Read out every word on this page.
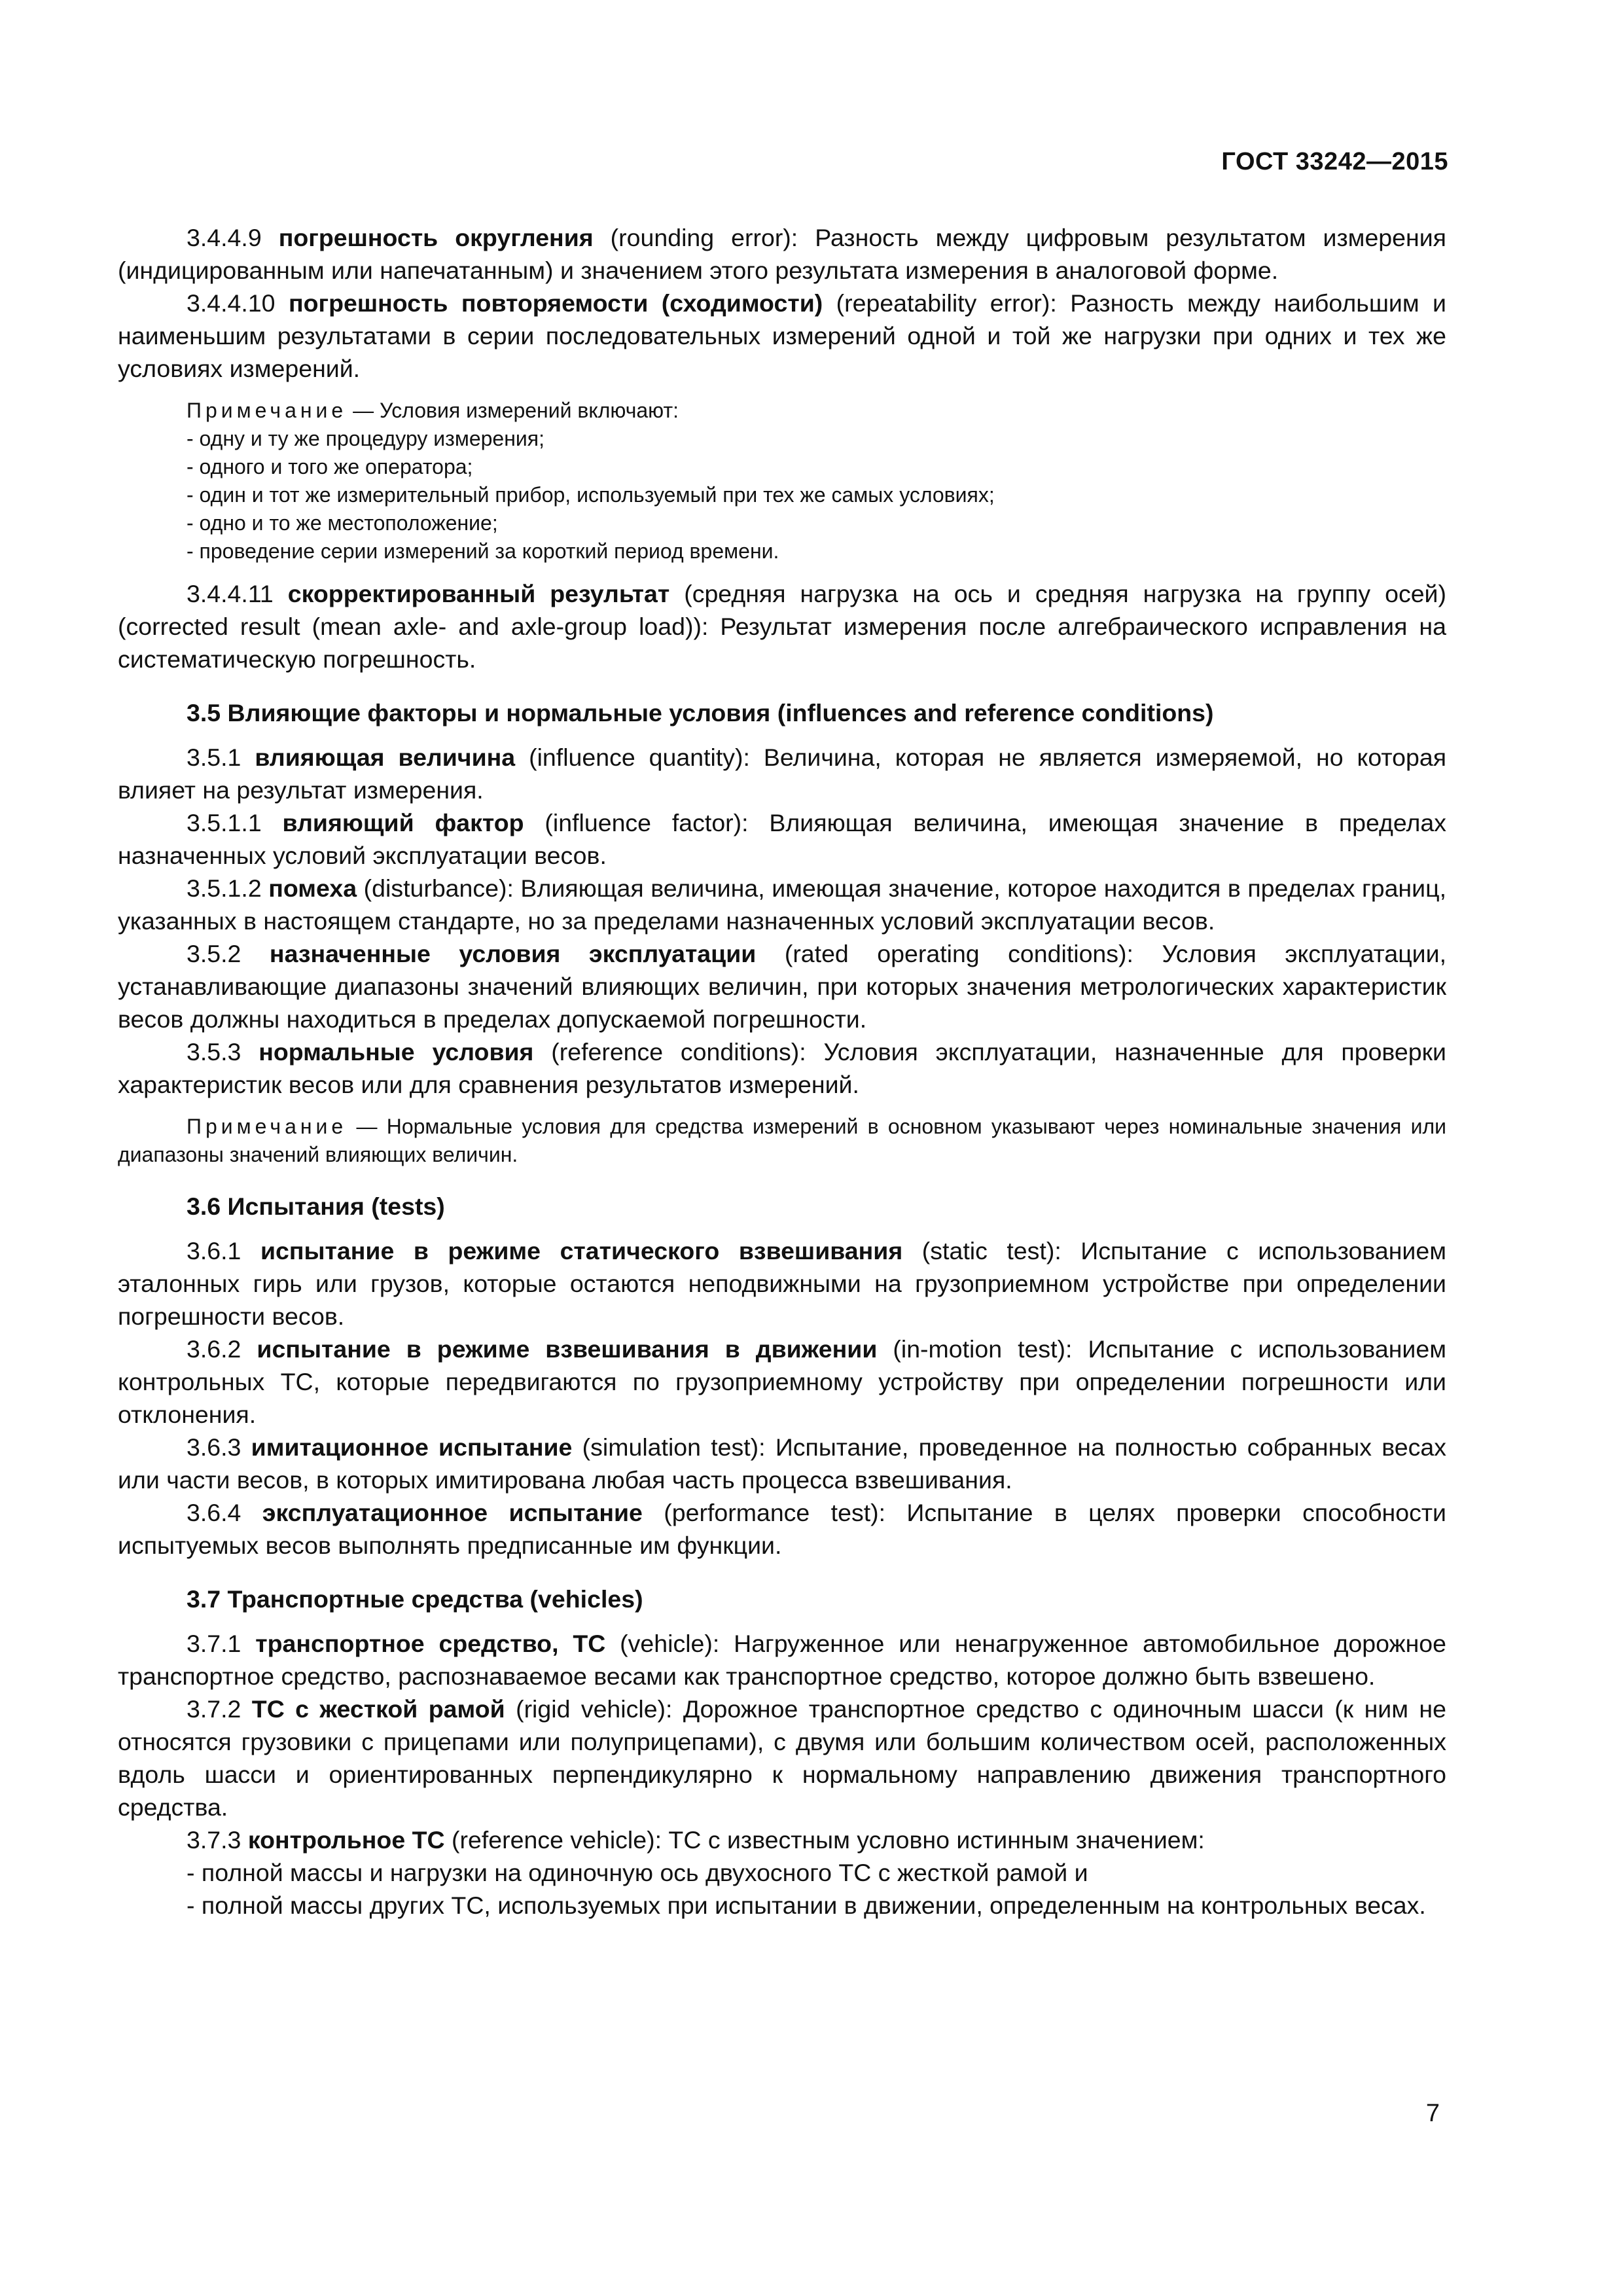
ГОСТ 33242—2015

3.4.4.9 погрешность округления (rounding error): Разность между цифровым результатом измерения (индицированным или напечатанным) и значением этого результата измерения в аналоговой форме.

3.4.4.10 погрешность повторяемости (сходимости) (repeatability error): Разность между наибольшим и наименьшим результатами в серии последовательных измерений одной и той же нагрузки при одних и тех же условиях измерений.

Примечание — Условия измерений включают:

- одну и ту же процедуру измерения;

- одного и того же оператора;

- один и тот же измерительный прибор, используемый при тех же самых условиях;

- одно и то же местоположение;

- проведение серии измерений за короткий период времени.

3.4.4.11 скорректированный результат (средняя нагрузка на ось и средняя нагрузка на группу осей) (corrected result (mean axle- and axle-group load)): Результат измерения после алгебраического исправления на систематическую погрешность.

3.5 Влияющие факторы и нормальные условия (influences and reference conditions)

3.5.1 влияющая величина (influence quantity): Величина, которая не является измеряемой, но которая влияет на результат измерения.

3.5.1.1 влияющий фактор (influence factor): Влияющая величина, имеющая значение в пределах назначенных условий эксплуатации весов.

3.5.1.2 помеха (disturbance): Влияющая величина, имеющая значение, которое находится в пределах границ, указанных в настоящем стандарте, но за пределами назначенных условий эксплуатации весов.

3.5.2 назначенные условия эксплуатации (rated operating conditions): Условия эксплуатации, устанавливающие диапазоны значений влияющих величин, при которых значения метрологических характеристик весов должны находиться в пределах допускаемой погрешности.

3.5.3 нормальные условия (reference conditions): Условия эксплуатации, назначенные для проверки характеристик весов или для сравнения результатов измерений.

Примечание — Нормальные условия для средства измерений в основном указывают через номинальные значения или диапазоны значений влияющих величин.

3.6 Испытания (tests)

3.6.1 испытание в режиме статического взвешивания (static test): Испытание с использованием эталонных гирь или грузов, которые остаются неподвижными на грузоприемном устройстве при определении погрешности весов.

3.6.2 испытание в режиме взвешивания в движении (in-motion test): Испытание с использованием контрольных ТС, которые передвигаются по грузоприемному устройству при определении погрешности или отклонения.

3.6.3 имитационное испытание (simulation test): Испытание, проведенное на полностью собранных весах или части весов, в которых имитирована любая часть процесса взвешивания.

3.6.4 эксплуатационное испытание (performance test): Испытание в целях проверки способности испытуемых весов выполнять предписанные им функции.

3.7 Транспортные средства (vehicles)

3.7.1 транспортное средство, ТС (vehicle): Нагруженное или ненагруженное автомобильное дорожное транспортное средство, распознаваемое весами как транспортное средство, которое должно быть взвешено.

3.7.2 ТС с жесткой рамой (rigid vehicle): Дорожное транспортное средство с одиночным шасси (к ним не относятся грузовики с прицепами или полуприцепами), с двумя или большим количеством осей, расположенных вдоль шасси и ориентированных перпендикулярно к нормальному направлению движения транспортного средства.

3.7.3 контрольное ТС (reference vehicle): ТС с известным условно истинным значением:

- полной массы и нагрузки на одиночную ось двухосного ТС с жесткой рамой и

- полной массы других ТС, используемых при испытании в движении, определенным на контрольных весах.

7
